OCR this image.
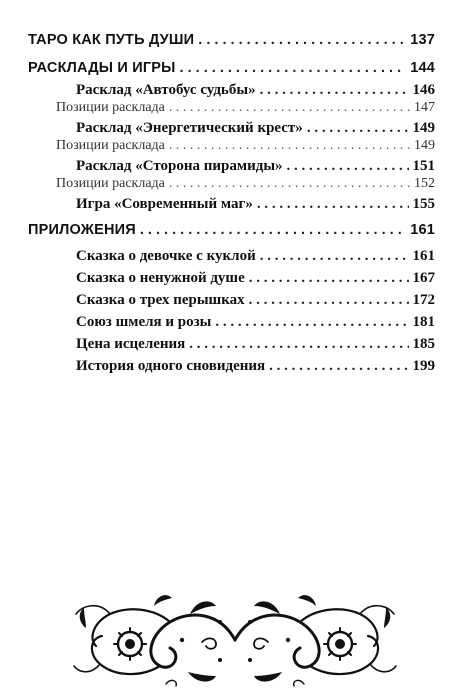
ТАРО КАК ПУТЬ ДУШИ . . .	137
РАСКЛАДЫ И ИГРЫ . . .	144
Расклад «Автобус судьбы» . . .	146
Позиции расклада . . .	147
Расклад «Энергетический крест» . . .	149
Позиции расклада . . .	149
Расклад «Сторона пирамиды» . . .	151
Позиции расклада . . .	152
Игра «Современный маг» . . .	155
ПРИЛОЖЕНИЯ . . .	161
Сказка о девочке с куклой . . .	161
Сказка о ненужной душе . . .	167
Сказка о трех перышках . . .	172
Союз шмеля и розы . . .	181
Цена исцеления . . .	185
История одного сновидения . . .	199
